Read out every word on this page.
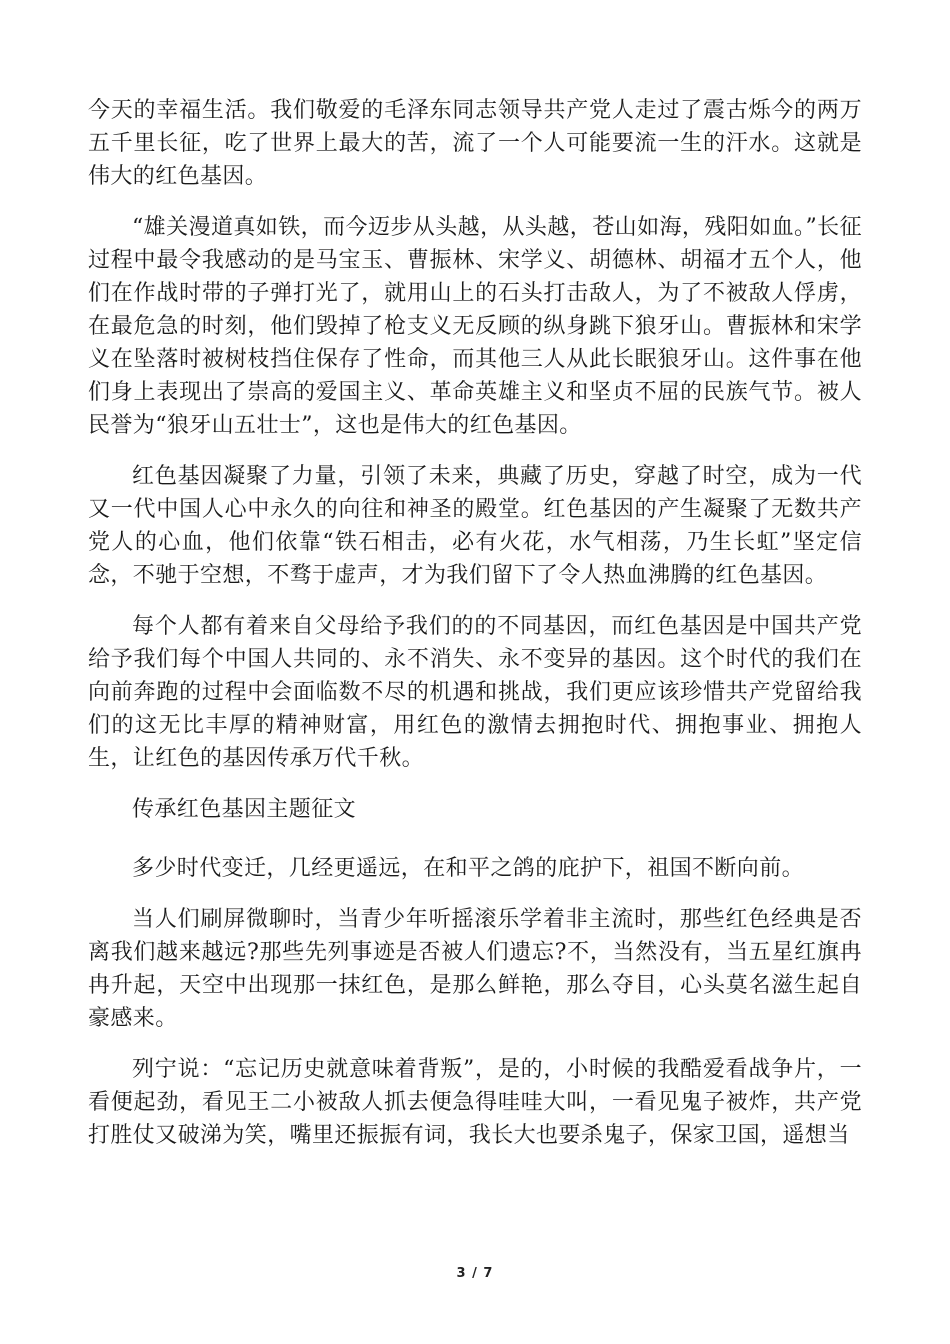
今天的幸福生活。我们敬爱的毛泽东同志领导共产党人走过了震古烁今的两万五千里长征，吃了世界上最大的苦，流了一个人可能要流一生的汗水。这就是伟大的红色基因。

“雄关漫道真如铁，而今迈步从头越，从头越，苍山如海，残阳如血。”长征过程中最令我感动的是马宝玉、曹振林、宋学义、胡德林、胡福才五个人，他们在作战时带的子弹打光了，就用山上的石头打击敌人，为了不被敌人俘虏，在最危急的时刻，他们毁掉了枪支义无反顾的纵身跳下狼牙山。曹振林和宋学义在坠落时被树枝挡住保存了性命，而其他三人从此长眠狼牙山。这件事在他们身上表现出了崇高的爱国主义、革命英雄主义和坚贞不屈的民族气节。被人民誉为“狼牙山五壮士”，这也是伟大的红色基因。

红色基因凝聚了力量，引领了未来，典藏了历史，穿越了时空，成为一代又一代中国人心中永久的向往和神圣的殿堂。红色基因的产生凝聚了无数共产党人的心血，他们依靠“铁石相击，必有火花，水气相荡，乃生长虹”坚定信念，不驰于空想，不骛于虚声，才为我们留下了令人热血沸腾的红色基因。

每个人都有着来自父母给予我们的的不同基因，而红色基因是中国共产党给予我们每个中国人共同的、永不消失、永不变异的基因。这个时代的我们在向前奔跑的过程中会面临数不尽的机遇和挑战，我们更应该珍惜共产党留给我们的这无比丰厚的精神财富，用红色的激情去拥抱时代、拥抱事业、拥抱人生，让红色的基因传承万代千秋。

传承红色基因主题征文

多少时代变迁，几经更遥远，在和平之鸽的庇护下，祖国不断向前。

当人们刷屏微聊时，当青少年听摇滚乐学着非主流时，那些红色经典是否离我们越来越远?那些先列事迹是否被人们遗忘?不，当然没有，当五星红旗冉冉升起，天空中出现那一抹红色，是那么鲜艳，那么夺目，心头莫名滋生起自豪感来。

列宁说：“忘记历史就意味着背叛”，是的，小时候的我酷爱看战争片，一看便起劲，看见王二小被敌人抓去便急得哇哇大叫，一看见鬼子被炸，共产党打胜仗又破涕为笑，嘴里还振振有词，我长大也要杀鬼子，保家卫国，遥想当

3 / 7
